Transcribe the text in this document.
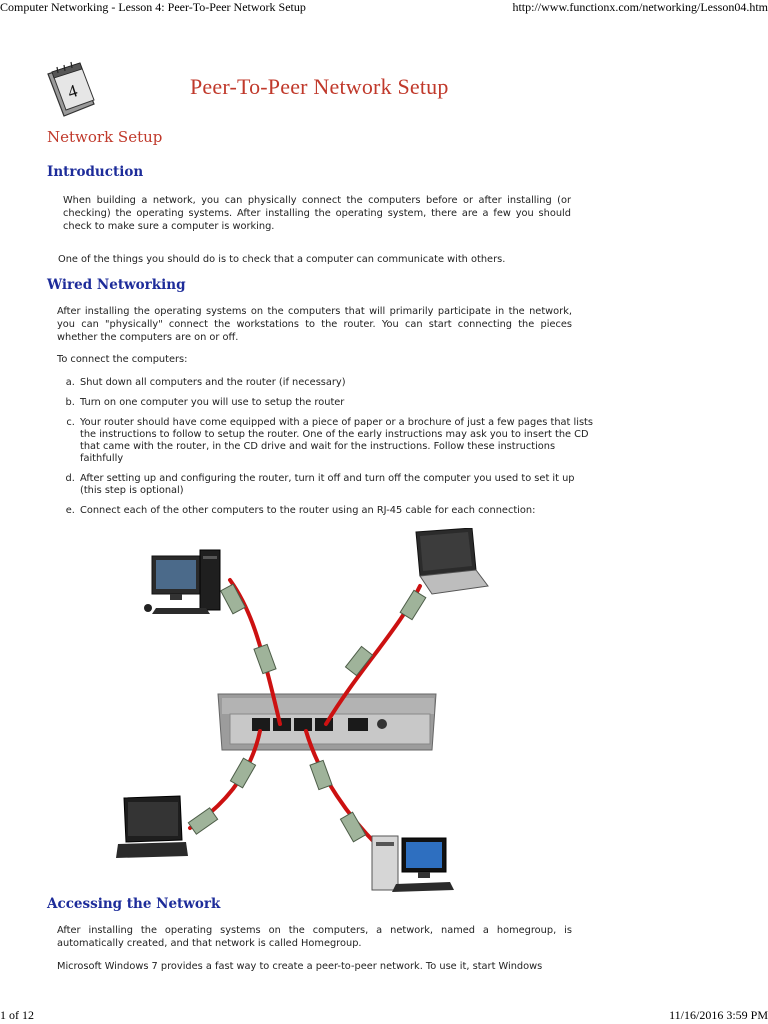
Computer Networking - Lesson 4: Peer-To-Peer Network Setup	http://www.functionx.com/networking/Lesson04.htm
4	Peer-To-Peer Network Setup
Network Setup
Introduction

When building a network, you can physically connect the computers before or after installing (or checking) the operating systems. After installing the operating system, there are a few you should check to make sure a computer is working.

One of the things you should do is to check that a computer can communicate with others.

Wired Networking

After installing the operating systems on the computers that will primarily participate in the network, you can "physically" connect the workstations to the router. You can start connecting the pieces whether the computers are on or off.

To connect the computers:

a. Shut down all computers and the router (if necessary)
b. Turn on one computer you will use to setup the router
c. Your router should have come equipped with a piece of paper or a brochure of just a few pages that lists the instructions to follow to setup the router. One of the early instructions may ask you to insert the CD that came with the router, in the CD drive and wait for the instructions. Follow these instructions faithfully
d. After setting up and configuring the router, turn it off and turn off the computer you used to set it up (this step is optional)
e. Connect each of the other computers to the router using an RJ-45 cable for each connection:
Accessing the Network

After installing the operating systems on the computers, a network, named a homegroup, is automatically created, and that network is called Homegroup.

Microsoft Windows 7 provides a fast way to create a peer-to-peer network. To use it, start Windows

1 of 12	11/16/2016 3:59 PM
